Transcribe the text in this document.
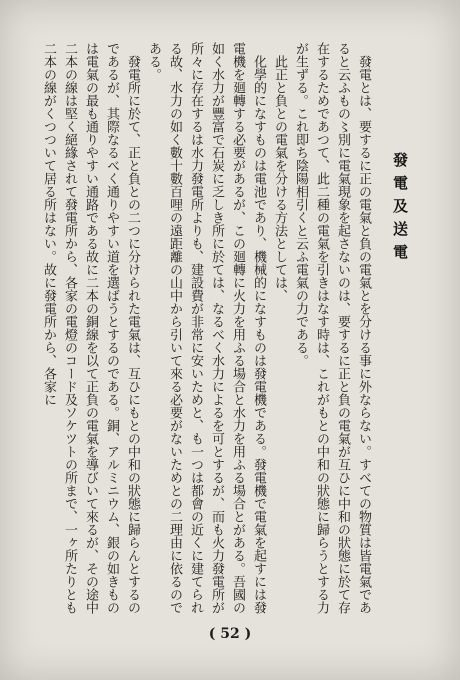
發電及送電

發電とは、要するに正の電氣と負の電氣とを分ける事に外ならない。すべての物質は皆電氣であると云ふもの〻別に電氣現象を起さないのは、要するに正と負の電氣が互ひに中和の狀態に於て存在するためであつて、此二種の電氣を引きはなす時は、これがもとの中和の狀態に歸らうとする力が生ずる。これ即ち陰陽相引くと云ふ電氣の力である。

此正と負との電氣を分ける方法としては、

化學的になすものは電池であり、機械的になすものは發電機である。發電機で電氣を起すには發電機を廻轉する必要があるが、この廻轉に火力を用ふる場合と水力を用ふる場合とがある。吾國の如く水力が豐富で石炭に乏しき所に於ては、なるべく水力によるを可とするが、而も火力發電所が所々に存在するは水力發電所よりも、建設費が非常に安いためと、も一つは都會の近くに建てられる故、水力の如く數十數百哩の遠距離の山中から引いて來る必要がないためとの二理由に依るのである。

發電所に於て、正と負との二つに分けられた電氣は、互ひにもとの中和の狀態に歸らんとするのであるが、其際なるべく通りやすい道を選ばうとするのである。銅、アルミニウム、銀の如きものは電氣の最も通りやすい通路である故に二本の銅線を以て正負の電氣を導びいて來るが、その途中二本の線は堅く絕緣されて發電所から、各家の電燈のコード及ソケツトの所まで、一ヶ所たりとも二本の線がくつついて居る所はない。故に發電所から、各家に

( 52 )
